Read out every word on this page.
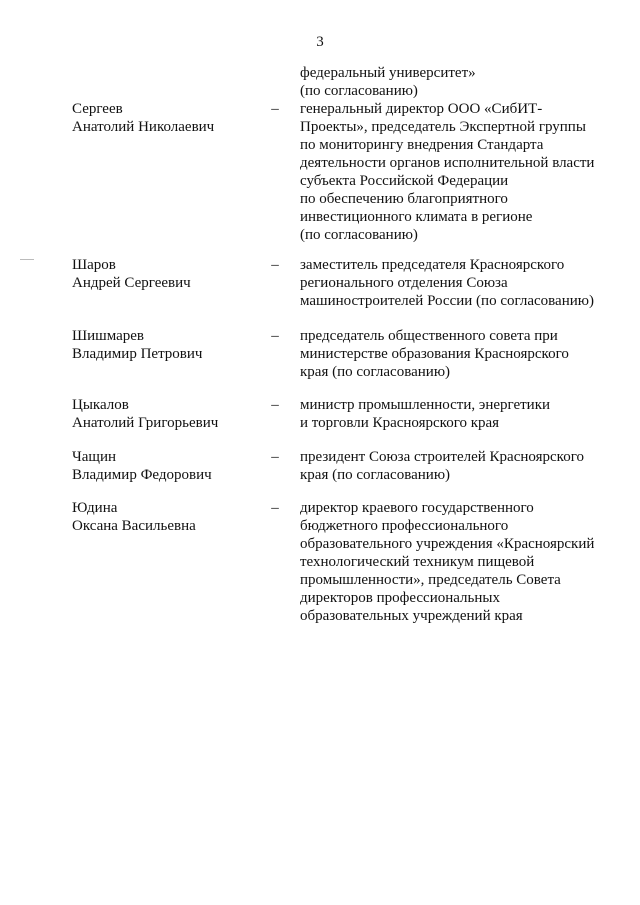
3
федеральный университет»
(по согласованию)
Сергеев
Анатолий Николаевич
– генеральный директор ООО «СибИТ-
Проекты», председатель Экспертной группы
по мониторингу внедрения Стандарта
деятельности органов исполнительной власти
субъекта Российской Федерации
по обеспечению благоприятного
инвестиционного климата в регионе
(по согласованию)
Шаров
Андрей Сергеевич
– заместитель председателя Красноярского
регионального отделения Союза
машиностроителей России (по согласованию)
Шишмарев
Владимир Петрович
– председатель общественного совета при
министерстве образования Красноярского
края (по согласованию)
Цыкалов
Анатолий Григорьевич
– министр промышленности, энергетики
и торговли Красноярского края
Чащин
Владимир Федорович
– президент Союза строителей Красноярского
края (по согласованию)
Юдина
Оксана Васильевна
– директор краевого государственного
бюджетного профессионального
образовательного учреждения «Красноярский
технологический техникум пищевой
промышленности», председатель Совета
директоров профессиональных
образовательных учреждений края
